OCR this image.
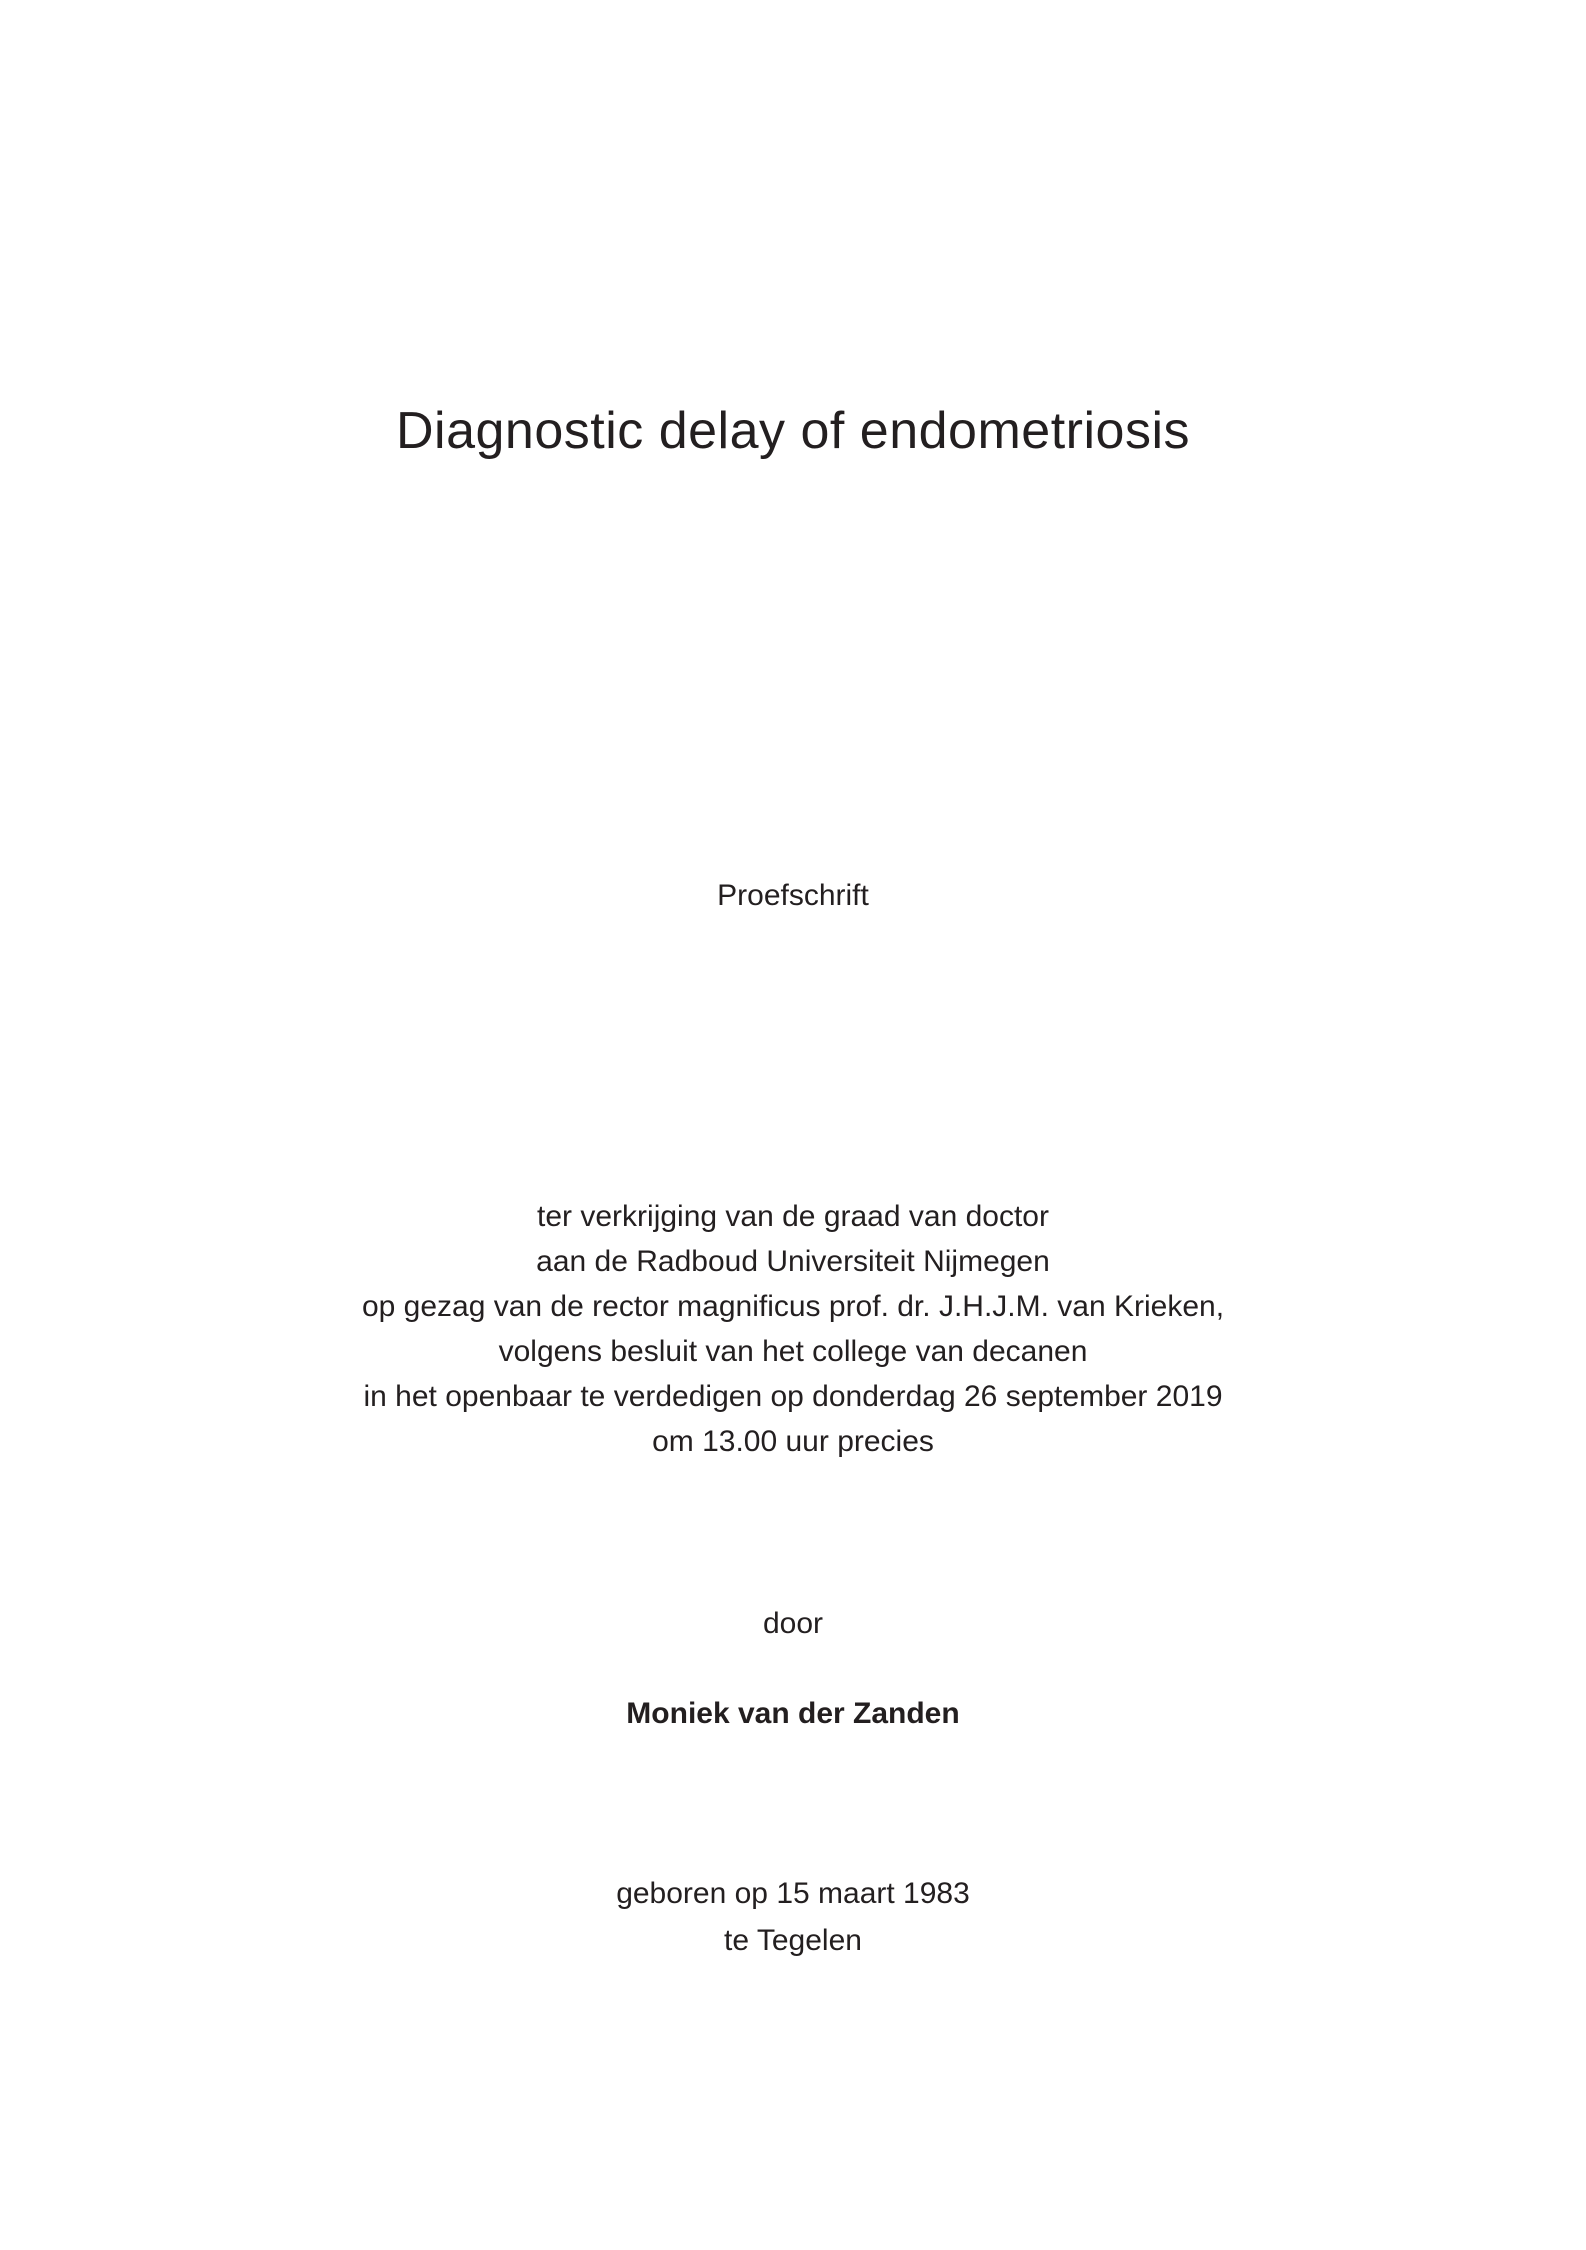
Diagnostic delay of endometriosis
Proefschrift
ter verkrijging van de graad van doctor
aan de Radboud Universiteit Nijmegen
op gezag van de rector magnificus prof. dr. J.H.J.M. van Krieken,
volgens besluit van het college van decanen
in het openbaar te verdedigen op donderdag 26 september 2019
om 13.00 uur precies
door
Moniek van der Zanden
geboren op 15 maart 1983
te Tegelen
